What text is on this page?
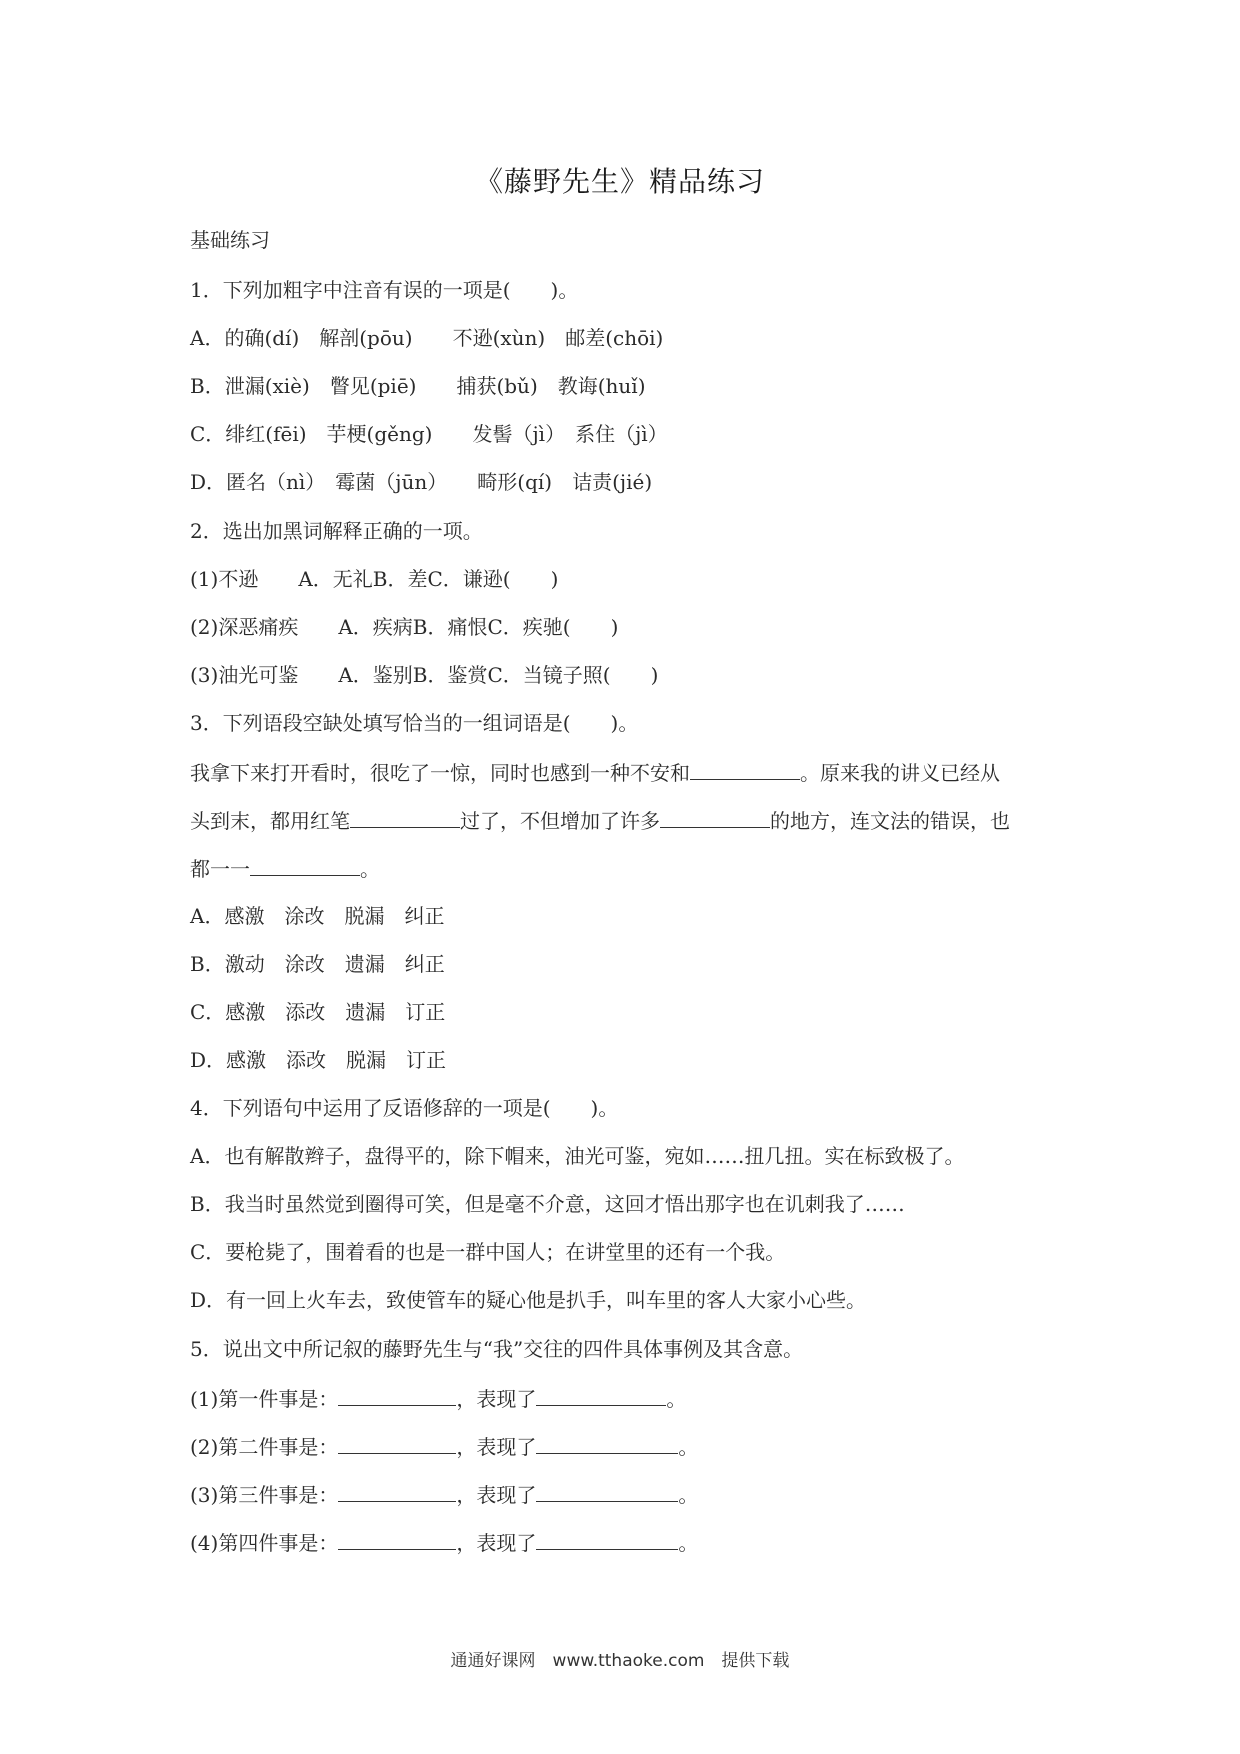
《藤野先生》精品练习
基础练习
1．下列加粗字中注音有误的一项是(　　)。
A．的确(dí)　解剖(pōu)　　不逊(xùn)　邮差(chōi)
B．泄漏(xiè)　瞥见(piē)　　捕获(bǔ)　教诲(huǐ)
C．绯红(fēi)　芋梗(gěng)　　发髻（jì）　系住（jì）
D．匿名（nì）　霉菌（jūn）　　畸形(qí)　诘责(jié)
2．选出加黑词解释正确的一项。
(1)不逊　　A．无礼B．差C．谦逊(　　)
(2)深恶痛疾　　A．疾病B．痛恨C．疾驰(　　)
(3)油光可鉴　　A．鉴别B．鉴赏C．当镜子照(　　)
3．下列语段空缺处填写恰当的一组词语是(　　)。
我拿下来打开看时，很吃了一惊，同时也感到一种不安和	。原来我的讲义已经从
头到末，都用红笔	过了，不但增加了许多	的地方，连文法的错误，也
都一一	。
A．感激　涂改　脱漏　纠正
B．激动　涂改　遗漏　纠正
C．感激　添改　遗漏　订正
D．感激　添改　脱漏　订正
4．下列语句中运用了反语修辞的一项是(　　)。
A．也有解散辫子，盘得平的，除下帽来，油光可鉴，宛如……扭几扭。实在标致极了。
B．我当时虽然觉到圈得可笑，但是毫不介意，这回才悟出那字也在讥刺我了……
C．要枪毙了，围着看的也是一群中国人；在讲堂里的还有一个我。
D．有一回上火车去，致使管车的疑心他是扒手，叫车里的客人大家小心些。
5．说出文中所记叙的藤野先生与“我”交往的四件具体事例及其含意。
(1)第一件事是：	，表现了	。
(2)第二件事是：	，表现了	。
(3)第三件事是：	，表现了	。
(4)第四件事是：	，表现了	。
通通好课网　www.tthaoke.com　提供下载
